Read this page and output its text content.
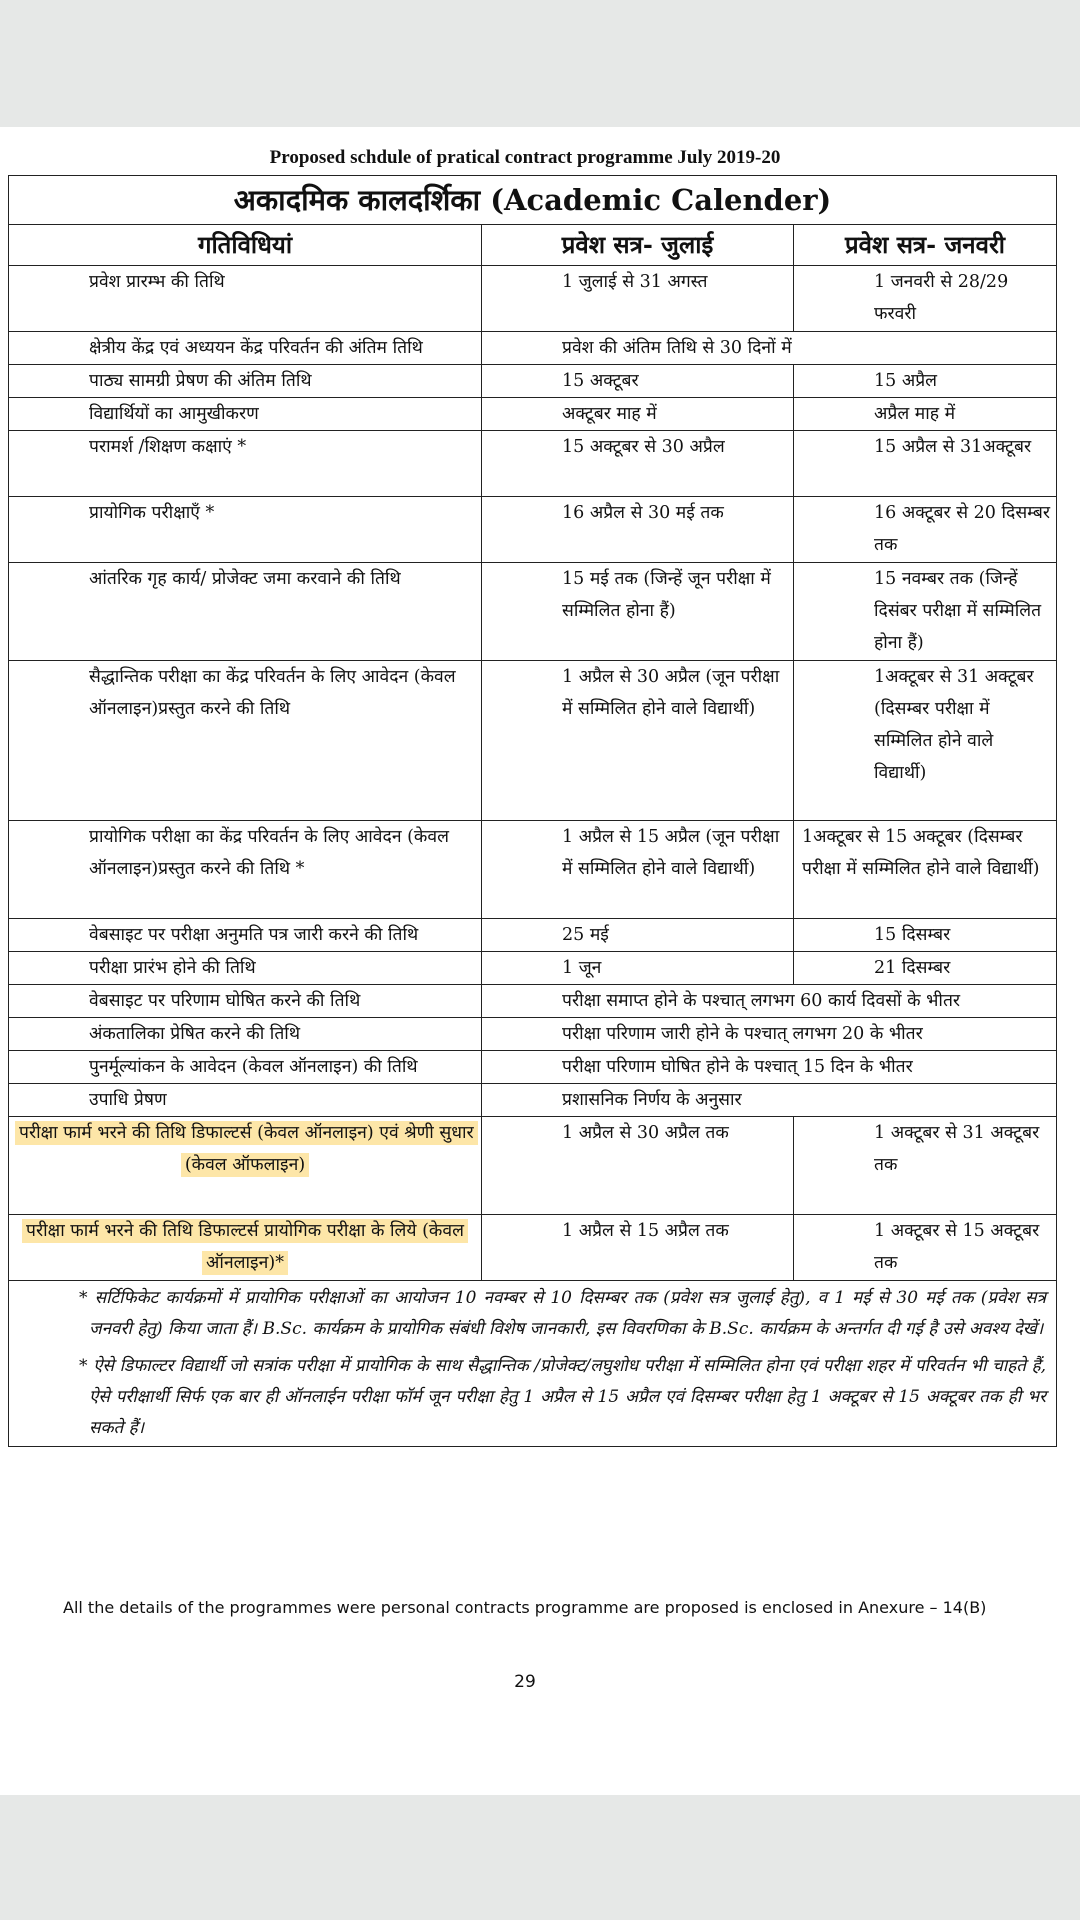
Proposed schdule of pratical contract programme July 2019-20
अकादमिक कालदर्शिका (Academic Calender)		
गतिविधियां	प्रवेश सत्र- जुलाई	प्रवेश सत्र- जनवरी
प्रवेश प्रारम्भ की तिथि	1 जुलाई से 31 अगस्त	1 जनवरी से 28/29 फरवरी
क्षेत्रीय केंद्र एवं अध्ययन केंद्र परिवर्तन की अंतिम तिथि	प्रवेश की अंतिम तिथि से 30 दिनों में	
पाठ्य सामग्री प्रेषण की अंतिम तिथि	15 अक्टूबर	15 अप्रैल
विद्यार्थियों का आमुखीकरण	अक्टूबर माह में	अप्रैल माह में
परामर्श /शिक्षण कक्षाएं *	15 अक्टूबर से 30 अप्रैल	15 अप्रैल से 31अक्टूबर
प्रायोगिक परीक्षाएँ *	16 अप्रैल से 30 मई तक	16 अक्टूबर से 20 दिसम्बर तक
आंतरिक गृह कार्य/ प्रोजेक्ट जमा करवाने की तिथि	15 मई तक (जिन्हें जून परीक्षा में सम्मिलित होना हैं)	15 नवम्बर तक (जिन्हें दिसंबर परीक्षा में सम्मिलित होना हैं)
सैद्धान्तिक परीक्षा का केंद्र परिवर्तन के लिए आवेदन (केवल ऑनलाइन)प्रस्तुत करने की तिथि	1 अप्रैल से 30 अप्रैल (जून परीक्षा में सम्मिलित होने वाले विद्यार्थी)	1अक्टूबर से 31 अक्टूबर (दिसम्बर परीक्षा में सम्मिलित होने वाले विद्यार्थी)
प्रायोगिक परीक्षा का केंद्र परिवर्तन के लिए आवेदन (केवल ऑनलाइन)प्रस्तुत करने की तिथि *	1 अप्रैल से 15 अप्रैल (जून परीक्षा में सम्मिलित होने वाले विद्यार्थी)	1अक्टूबर से 15 अक्टूबर (दिसम्बर परीक्षा में सम्मिलित होने वाले विद्यार्थी)
वेबसाइट पर परीक्षा अनुमति पत्र जारी करने की तिथि	25 मई	15 दिसम्बर
परीक्षा प्रारंभ होने की तिथि	1 जून	21 दिसम्बर
वेबसाइट पर परिणाम घोषित करने की तिथि	परीक्षा समाप्त होने के पश्चात् लगभग 60 कार्य दिवसों के भीतर	
अंकतालिका प्रेषित करने की तिथि	परीक्षा परिणाम जारी होने के पश्चात् लगभग 20 के भीतर	
पुनर्मूल्यांकन के आवेदन (केवल ऑनलाइन) की तिथि	परीक्षा परिणाम घोषित होने के पश्चात् 15 दिन के भीतर	
उपाधि प्रेषण	प्रशासनिक निर्णय के अनुसार	
परीक्षा फार्म भरने की तिथि डिफाल्टर्स (केवल ऑनलाइन) एवं श्रेणी सुधार (केवल ऑफलाइन)	1 अप्रैल से 30 अप्रैल तक	1 अक्टूबर से 31 अक्टूबर तक
परीक्षा फार्म भरने की तिथि डिफाल्टर्स प्रायोगिक परीक्षा के लिये (केवल ऑनलाइन)*	1 अप्रैल से 15 अप्रैल तक	1 अक्टूबर से 15 अक्टूबर तक

* सर्टिफिकेट कार्यक्रमों में प्रायोगिक परीक्षाओं का आयोजन 10 नवम्बर से 10 दिसम्बर तक (प्रवेश सत्र जुलाई हेतु), व 1 मई से 30 मई तक (प्रवेश सत्र जनवरी हेतु) किया जाता हैं। B.Sc. कार्यक्रम के प्रायोगिक संबंधी विशेष जानकारी, इस विवरणिका के B.Sc. कार्यक्रम के अन्तर्गत दी गई है उसे अवश्य देखें।

* ऐसे डिफाल्टर विद्यार्थी जो सत्रांक परीक्षा में प्रायोगिक के साथ सैद्धान्तिक /प्रोजेक्ट/लघुशोध परीक्षा में सम्मिलित होना एवं परीक्षा शहर में परिवर्तन भी चाहते हैं, ऐसे परीक्षार्थी सिर्फ एक बार ही ऑनलाईन परीक्षा फॉर्म जून परीक्षा हेतु 1 अप्रैल से 15 अप्रैल एवं दिसम्बर परीक्षा हेतु 1 अक्टूबर से 15 अक्टूबर तक ही भर सकते हैं।		

All the details of the programmes were personal contracts programme are proposed is enclosed in Anexure – 14(B)
29
